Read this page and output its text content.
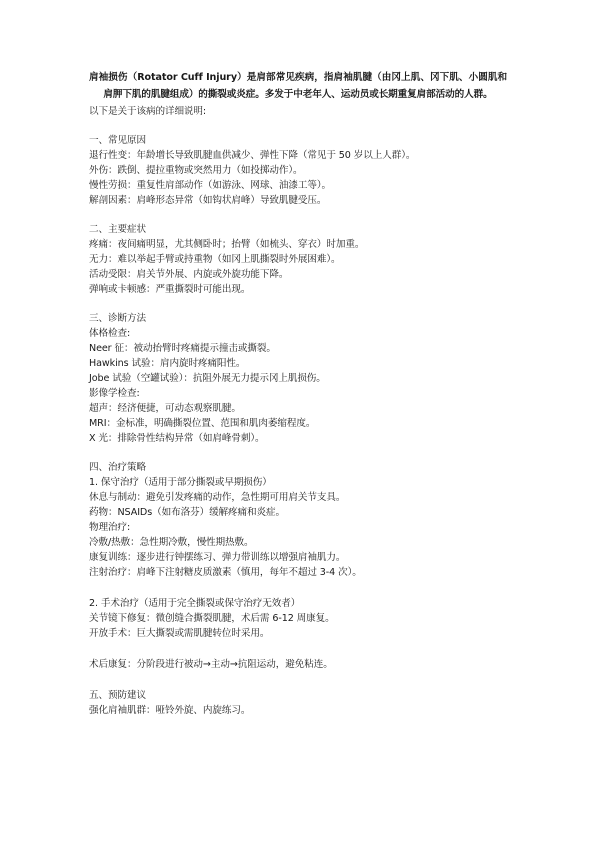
肩袖损伤（Rotator Cuff Injury）是肩部常见疾病，指肩袖肌腱（由冈上肌、冈下肌、小圆肌和肩胛下肌的肌腱组成）的撕裂或炎症。多发于中老年人、运动员或长期重复肩部活动的人群。

以下是关于该病的详细说明:

一、常见原因

退行性变：年龄增长导致肌腱血供减少、弹性下降（常见于 50 岁以上人群）。

外伤：跌倒、提拉重物或突然用力（如投掷动作）。

慢性劳损：重复性肩部动作（如游泳、网球、油漆工等）。

解剖因素：肩峰形态异常（如钩状肩峰）导致肌腱受压。

二、主要症状

疼痛：夜间痛明显，尤其侧卧时；抬臂（如梳头、穿衣）时加重。

无力：难以举起手臂或持重物（如冈上肌撕裂时外展困难）。

活动受限：肩关节外展、内旋或外旋功能下降。

弹响或卡顿感：严重撕裂时可能出现。

三、诊断方法

体格检查:

Neer 征：被动抬臂时疼痛提示撞击或撕裂。

Hawkins 试验：肩内旋时疼痛阳性。

Jobe 试验（空罐试验）：抗阻外展无力提示冈上肌损伤。

影像学检查:

超声：经济便捷，可动态观察肌腱。

MRI：金标准，明确撕裂位置、范围和肌肉萎缩程度。

X 光：排除骨性结构异常（如肩峰骨刺）。

四、治疗策略

1. 保守治疗（适用于部分撕裂或早期损伤）

休息与制动：避免引发疼痛的动作，急性期可用肩关节支具。

药物：NSAIDs（如布洛芬）缓解疼痛和炎症。

物理治疗:

冷敷/热敷：急性期冷敷，慢性期热敷。

康复训练：逐步进行钟摆练习、弹力带训练以增强肩袖肌力。

注射治疗：肩峰下注射糖皮质激素（慎用，每年不超过 3-4 次）。

2. 手术治疗（适用于完全撕裂或保守治疗无效者）

关节镜下修复：微创缝合撕裂肌腱，术后需 6-12 周康复。

开放手术：巨大撕裂或需肌腱转位时采用。

术后康复：分阶段进行被动→主动→抗阻运动，避免粘连。

五、预防建议

强化肩袖肌群：哑铃外旋、内旋练习。
